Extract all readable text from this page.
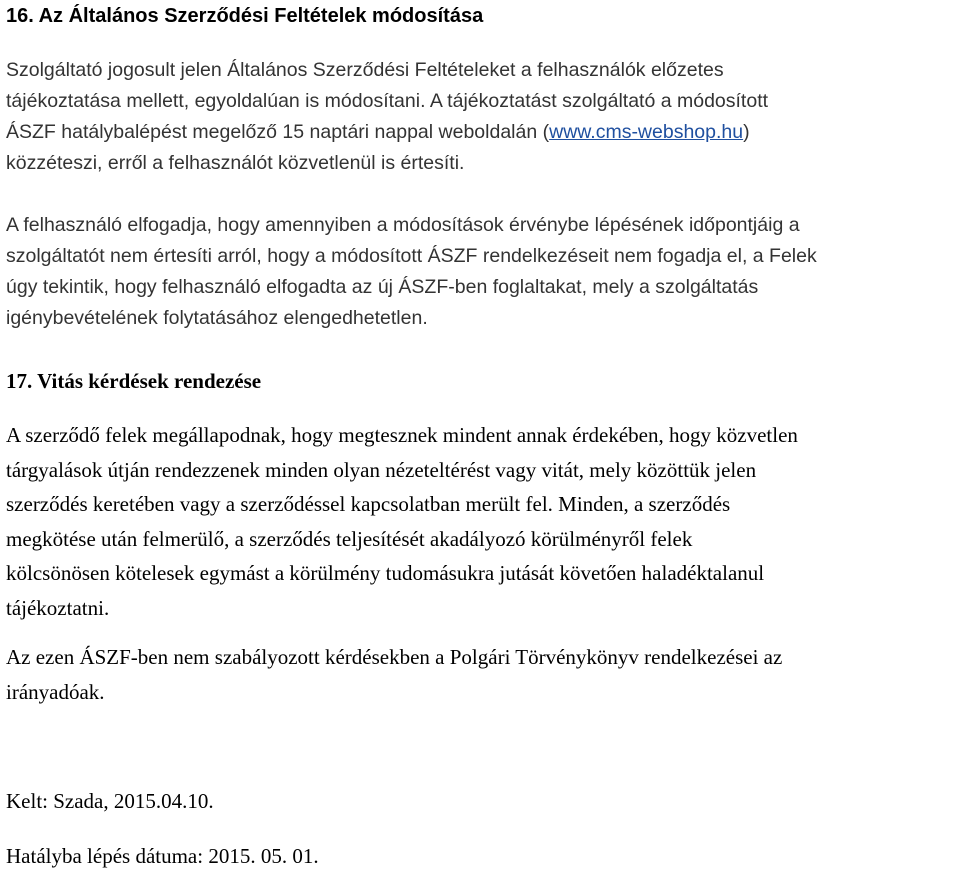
16. Az Általános Szerződési Feltételek módosítása

Szolgáltató jogosult jelen Általános Szerződési Feltételeket a felhasználók előzetes
tájékoztatása mellett, egyoldalúan is módosítani. A tájékoztatást szolgáltató a módosított
ÁSZF hatálybalépést megelőző 15 naptári nappal weboldalán (www.cms-webshop.hu)
közzéteszi, erről a felhasználót közvetlenül is értesíti.

A felhasználó elfogadja, hogy amennyiben a módosítások érvénybe lépésének időpontjáig a
szolgáltatót nem értesíti arról, hogy a módosított ÁSZF rendelkezéseit nem fogadja el, a Felek
úgy tekintik, hogy felhasználó elfogadta az új ÁSZF-ben foglaltakat, mely a szolgáltatás
igénybevételének folytatásához elengedhetetlen.

17. Vitás kérdések rendezése

A szerződő felek megállapodnak, hogy megtesznek mindent annak érdekében, hogy közvetlen
tárgyalások útján rendezzenek minden olyan nézeteltérést vagy vitát, mely közöttük jelen
szerződés keretében vagy a szerződéssel kapcsolatban merült fel. Minden, a szerződés
megkötése után felmerülő, a szerződés teljesítését akadályozó körülményről felek
kölcsönösen kötelesek egymást a körülmény tudomásukra jutását követően haladéktalanul
tájékoztatni.

Az ezen ÁSZF-ben nem szabályozott kérdésekben a Polgári Törvénykönyv rendelkezései az
irányadóak.

Kelt: Szada, 2015.04.10.

Hatályba lépés dátuma: 2015. 05. 01.
